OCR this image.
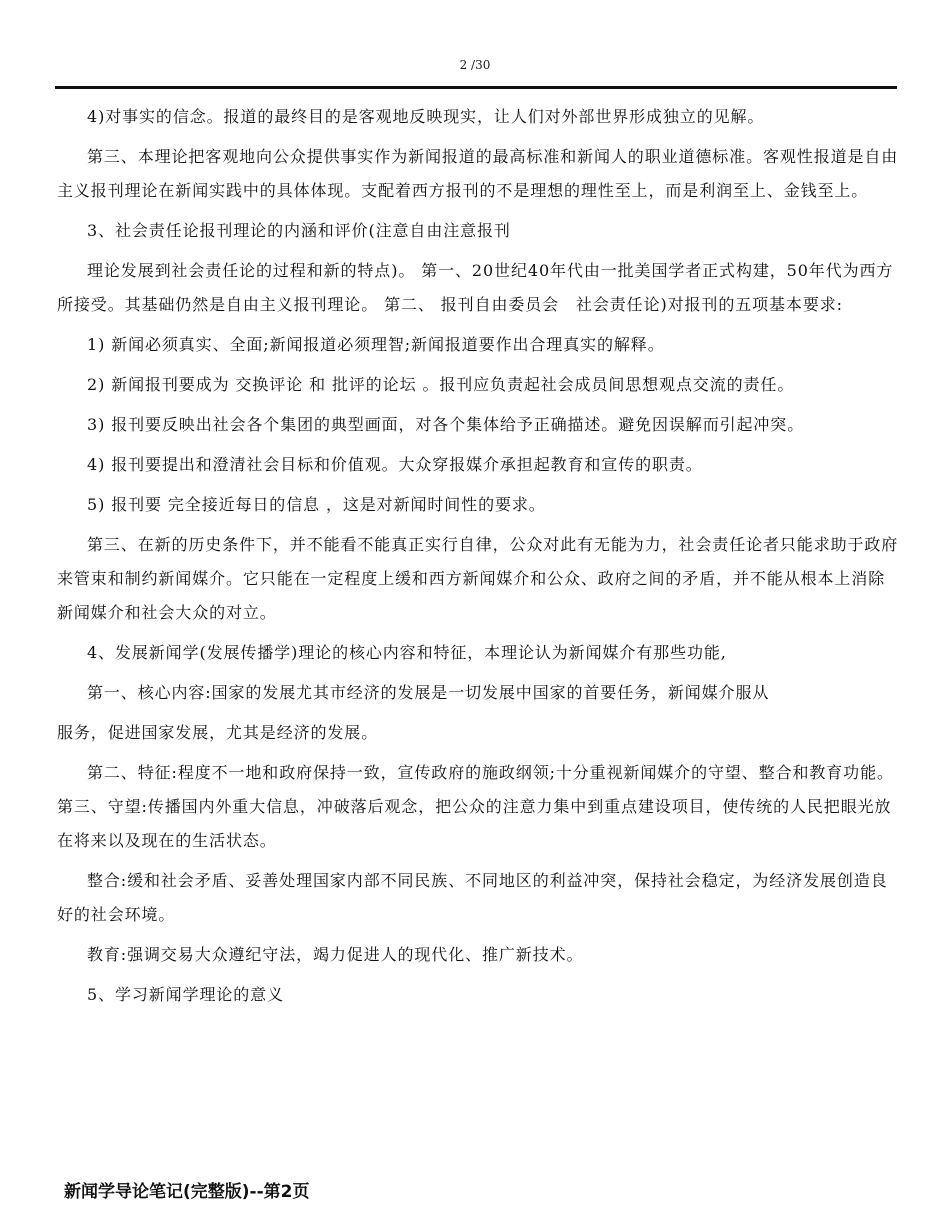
2 /30

4)对事实的信念。报道的最终目的是客观地反映现实，让人们对外部世界形成独立的见解。

第三、本理论把客观地向公众提供事实作为新闻报道的最高标准和新闻人的职业道德标准。客观性报道是自由主义报刊理论在新闻实践中的具体体现。支配着西方报刊的不是理想的理性至上，而是利润至上、金钱至上。

3、社会责任论报刊理论的内涵和评价(注意自由注意报刊

理论发展到社会责任论的过程和新的特点)。 第一、20世纪40年代由一批美国学者正式构建，50年代为西方所接受。其基础仍然是自由主义报刊理论。 第二、 报刊自由委员会　社会责任论)对报刊的五项基本要求:

1) 新闻必须真实、全面;新闻报道必须理智;新闻报道要作出合理真实的解释。

2) 新闻报刊要成为 交换评论 和 批评的论坛 。报刊应负责起社会成员间思想观点交流的责任。

3) 报刊要反映出社会各个集团的典型画面，对各个集体给予正确描述。避免因误解而引起冲突。

4) 报刊要提出和澄清社会目标和价值观。大众穿报媒介承担起教育和宣传的职责。

5) 报刊要 完全接近每日的信息 ，这是对新闻时间性的要求。

第三、在新的历史条件下，并不能看不能真正实行自律，公众对此有无能为力，社会责任论者只能求助于政府来管束和制约新闻媒介。它只能在一定程度上缓和西方新闻媒介和公众、政府之间的矛盾，并不能从根本上消除新闻媒介和社会大众的对立。

4、发展新闻学(发展传播学)理论的核心内容和特征，本理论认为新闻媒介有那些功能,

第一、核心内容:国家的发展尤其市经济的发展是一切发展中国家的首要任务，新闻媒介服从

服务，促进国家发展，尤其是经济的发展。

第二、特征:程度不一地和政府保持一致，宣传政府的施政纲领;十分重视新闻媒介的守望、整合和教育功能。 第三、守望:传播国内外重大信息，冲破落后观念，把公众的注意力集中到重点建设项目，使传统的人民把眼光放在将来以及现在的生活状态。

整合:缓和社会矛盾、妥善处理国家内部不同民族、不同地区的利益冲突，保持社会稳定，为经济发展创造良好的社会环境。

教育:强调交易大众遵纪守法，竭力促进人的现代化、推广新技术。

5、学习新闻学理论的意义

新闻学导论笔记(完整版)--第2页
